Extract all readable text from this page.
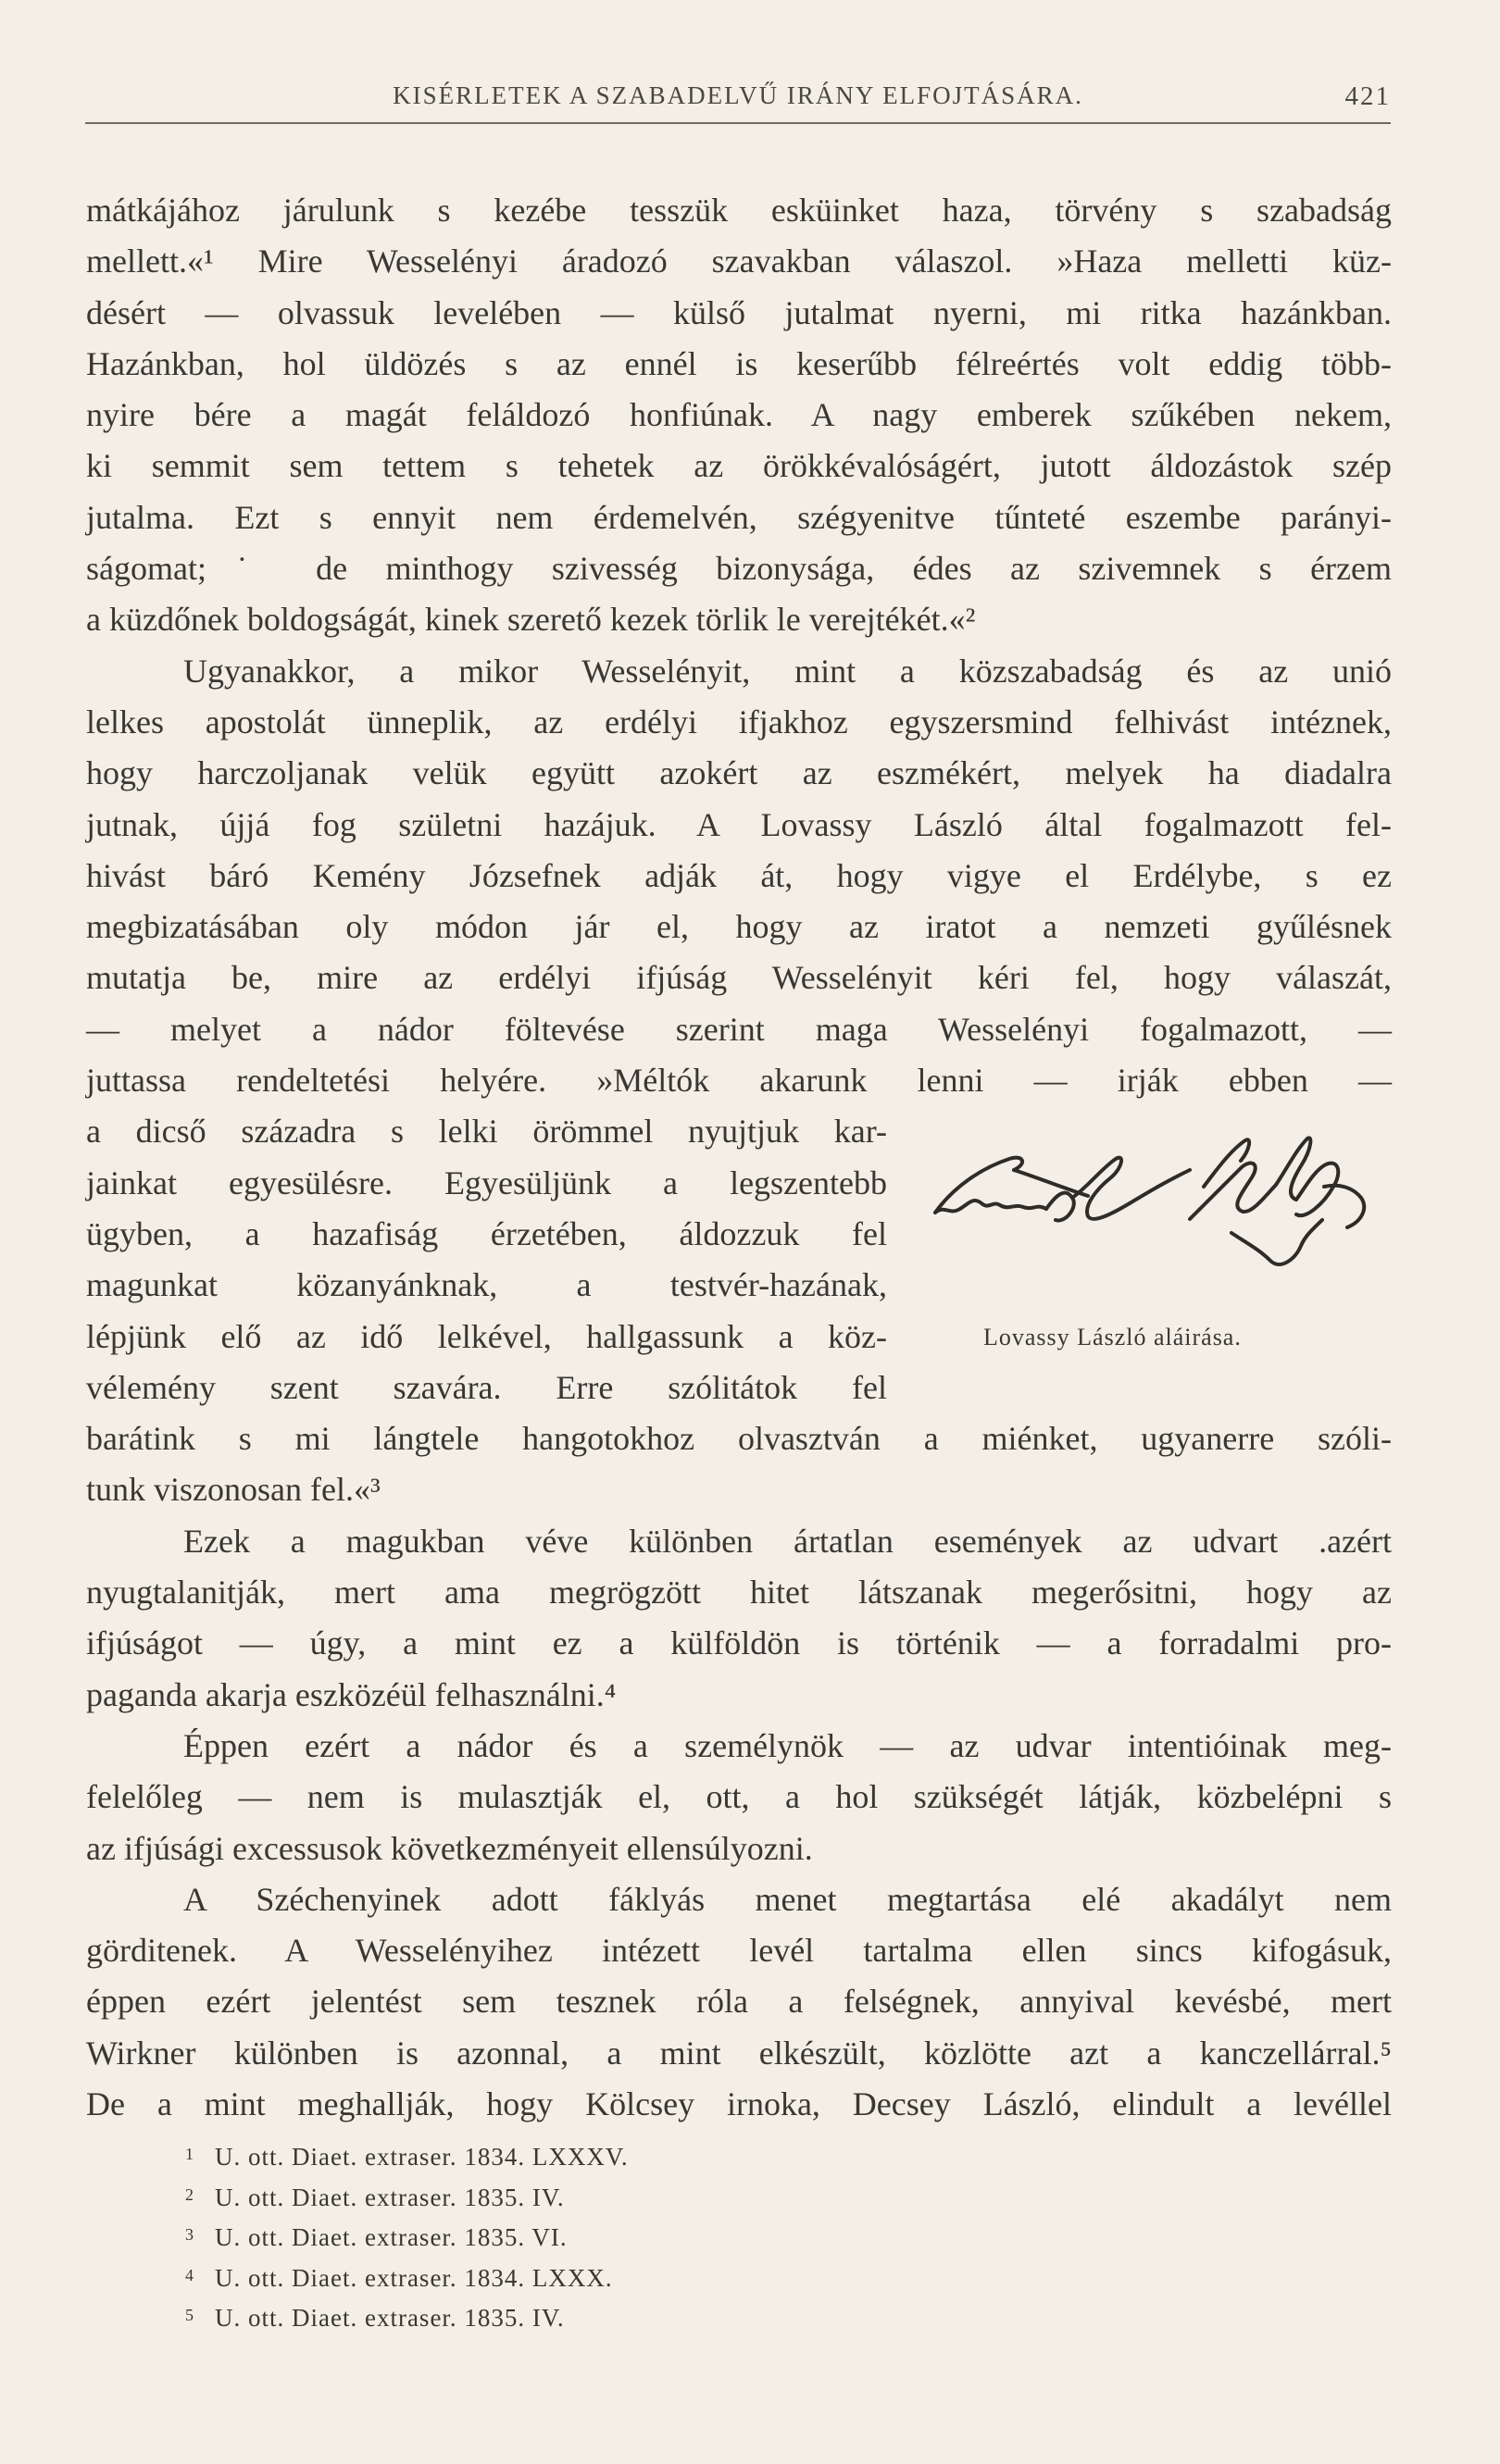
KISÉRLETEK A SZABADELVŰ IRÁNY ELFOJTÁSÁRA.	421
mátkájához járulunk s kezébe tesszük esküinket haza, törvény s szabadság
mellett.«¹ Mire Wesselényi áradozó szavakban válaszol. »Haza melletti küz-
désért — olvassuk levelében — külső jutalmat nyerni, mi ritka hazánkban.
Hazánkban, hol üldözés s az ennél is keserűbb félreértés volt eddig több-
nyire bére a magát feláldozó honfiúnak. A nagy emberek szűkében nekem,
ki semmit sem tettem s tehetek az örökkévalóságért, jutott áldozástok szép
jutalma. Ezt s ennyit nem érdemelvén, szégyenitve tűnteté eszembe parányi-
ságomat;˙ de minthogy szivesség bizonysága, édes az szivemnek s érzem
a küzdőnek boldogságát, kinek szerető kezek törlik le verejtékét.«²
Ugyanakkor, a mikor Wesselényit, mint a közszabadság és az unió
lelkes apostolát ünneplik, az erdélyi ifjakhoz egyszersmind felhivást intéznek,
hogy harczoljanak velük együtt azokért az eszmékért, melyek ha diadalra
jutnak, újjá fog születni hazájuk. A Lovassy László által fogalmazott fel-
hivást báró Kemény Józsefnek adják át, hogy vigye el Erdélybe, s ez
megbizatásában oly módon jár el, hogy az iratot a nemzeti gyűlésnek
mutatja be, mire az erdélyi ifjúság Wesselényit kéri fel, hogy válaszát,
— melyet a nádor föltevése szerint maga Wesselényi fogalmazott, —
juttassa rendeltetési helyére. »Méltók akarunk lenni — irják ebben —
a dicső századra s lelki örömmel nyujtjuk kar-
jainkat egyesülésre. Egyesüljünk a legszentebb
ügyben, a hazafiság érzetében, áldozzuk fel
magunkat közanyánknak, a testvér-hazának,
lépjünk elő az idő lelkével, hallgassunk a köz-
vélemény szent szavára. Erre szólitátok fel
barátink s mi lángtele hangotokhoz olvasztván a miénket, ugyanerre szóli-
tunk viszonosan fel.«³
Ezek a magukban véve különben ártatlan események az udvart .azért
nyugtalanitják, mert ama megrögzött hitet látszanak megerősitni, hogy az
ifjúságot — úgy, a mint ez a külföldön is történik — a forradalmi pro-
paganda akarja eszközéül felhasználni.⁴
Éppen ezért a nádor és a személynök — az udvar intentióinak meg-
felelőleg — nem is mulasztják el, ott, a hol szükségét látják, közbelépni s
az ifjúsági excessusok következményeit ellensúlyozni.
A Széchenyinek adott fáklyás menet megtartása elé akadályt nem
görditenek. A Wesselényihez intézett levél tartalma ellen sincs kifogásuk,
éppen ezért jelentést sem tesznek róla a felségnek, annyival kevésbé, mert
Wirkner különben is azonnal, a mint elkészült, közlötte azt a kanczellárral.⁵
De a mint meghallják, hogy Kölcsey irnoka, Decsey László, elindult a levéllel
Lovassy László aláirása.
1 U. ott. Diaet. extraser. 1834. LXXXV.
2 U. ott. Diaet. extraser. 1835. IV.
3 U. ott. Diaet. extraser. 1835. VI.
4 U. ott. Diaet. extraser. 1834. LXXX.
5 U. ott. Diaet. extraser. 1835. IV.
